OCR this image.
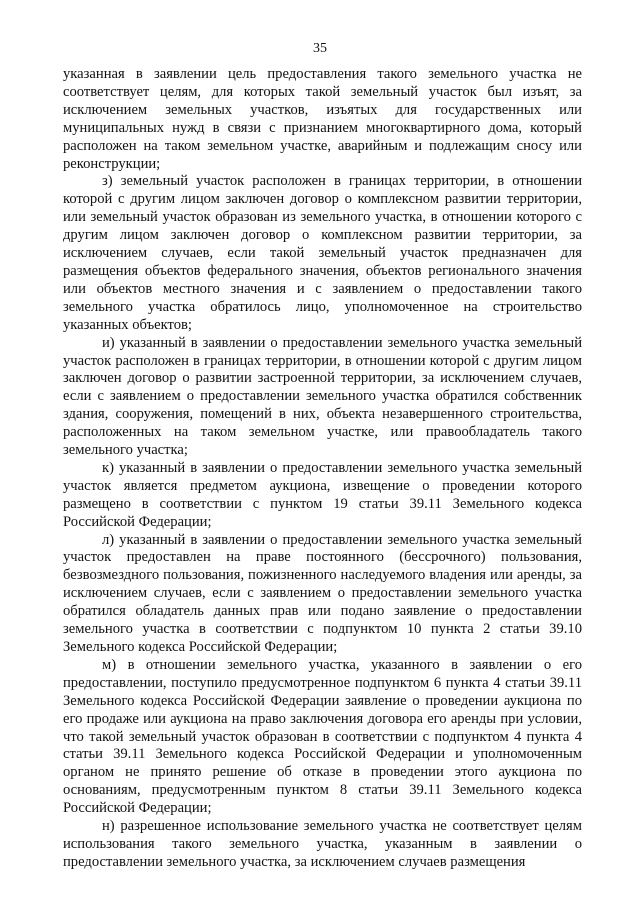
35

указанная в заявлении цель предоставления такого земельного участка не соответствует целям, для которых такой земельный участок был изъят, за исключением земельных участков, изъятых для государственных или муниципальных нужд в связи с признанием многоквартирного дома, который расположен на таком земельном участке, аварийным и подлежащим сносу или реконструкции;

з) земельный участок расположен в границах территории, в отношении которой с другим лицом заключен договор о комплексном развитии территории, или земельный участок образован из земельного участка, в отношении которого с другим лицом заключен договор о комплексном развитии территории, за исключением случаев, если такой земельный участок предназначен для размещения объектов федерального значения, объектов регионального значения или объектов местного значения и с заявлением о предоставлении такого земельного участка обратилось лицо, уполномоченное на строительство указанных объектов;

и) указанный в заявлении о предоставлении земельного участка земельный участок расположен в границах территории, в отношении которой с другим лицом заключен договор о развитии застроенной территории, за исключением случаев, если с заявлением о предоставлении земельного участка обратился собственник здания, сооружения, помещений в них, объекта незавершенного строительства, расположенных на таком земельном участке, или правообладатель такого земельного участка;

к) указанный в заявлении о предоставлении земельного участка земельный участок является предметом аукциона, извещение о проведении которого размещено в соответствии с пунктом 19 статьи 39.11 Земельного кодекса Российской Федерации;

л) указанный в заявлении о предоставлении земельного участка земельный участок предоставлен на праве постоянного (бессрочного) пользования, безвозмездного пользования, пожизненного наследуемого владения или аренды, за исключением случаев, если с заявлением о предоставлении земельного участка обратился обладатель данных прав или подано заявление о предоставлении земельного участка в соответствии с подпунктом 10 пункта 2 статьи 39.10 Земельного кодекса Российской Федерации;

м) в отношении земельного участка, указанного в заявлении о его предоставлении, поступило предусмотренное подпунктом 6 пункта 4 статьи 39.11 Земельного кодекса Российской Федерации заявление о проведении аукциона по его продаже или аукциона на право заключения договора его аренды при условии, что такой земельный участок образован в соответствии с подпунктом 4 пункта 4 статьи 39.11 Земельного кодекса Российской Федерации и уполномоченным органом не принято решение об отказе в проведении этого аукциона по основаниям, предусмотренным пунктом 8 статьи 39.11 Земельного кодекса Российской Федерации;

н) разрешенное использование земельного участка не соответствует целям использования такого земельного участка, указанным в заявлении о предоставлении земельного участка, за исключением случаев размещения
